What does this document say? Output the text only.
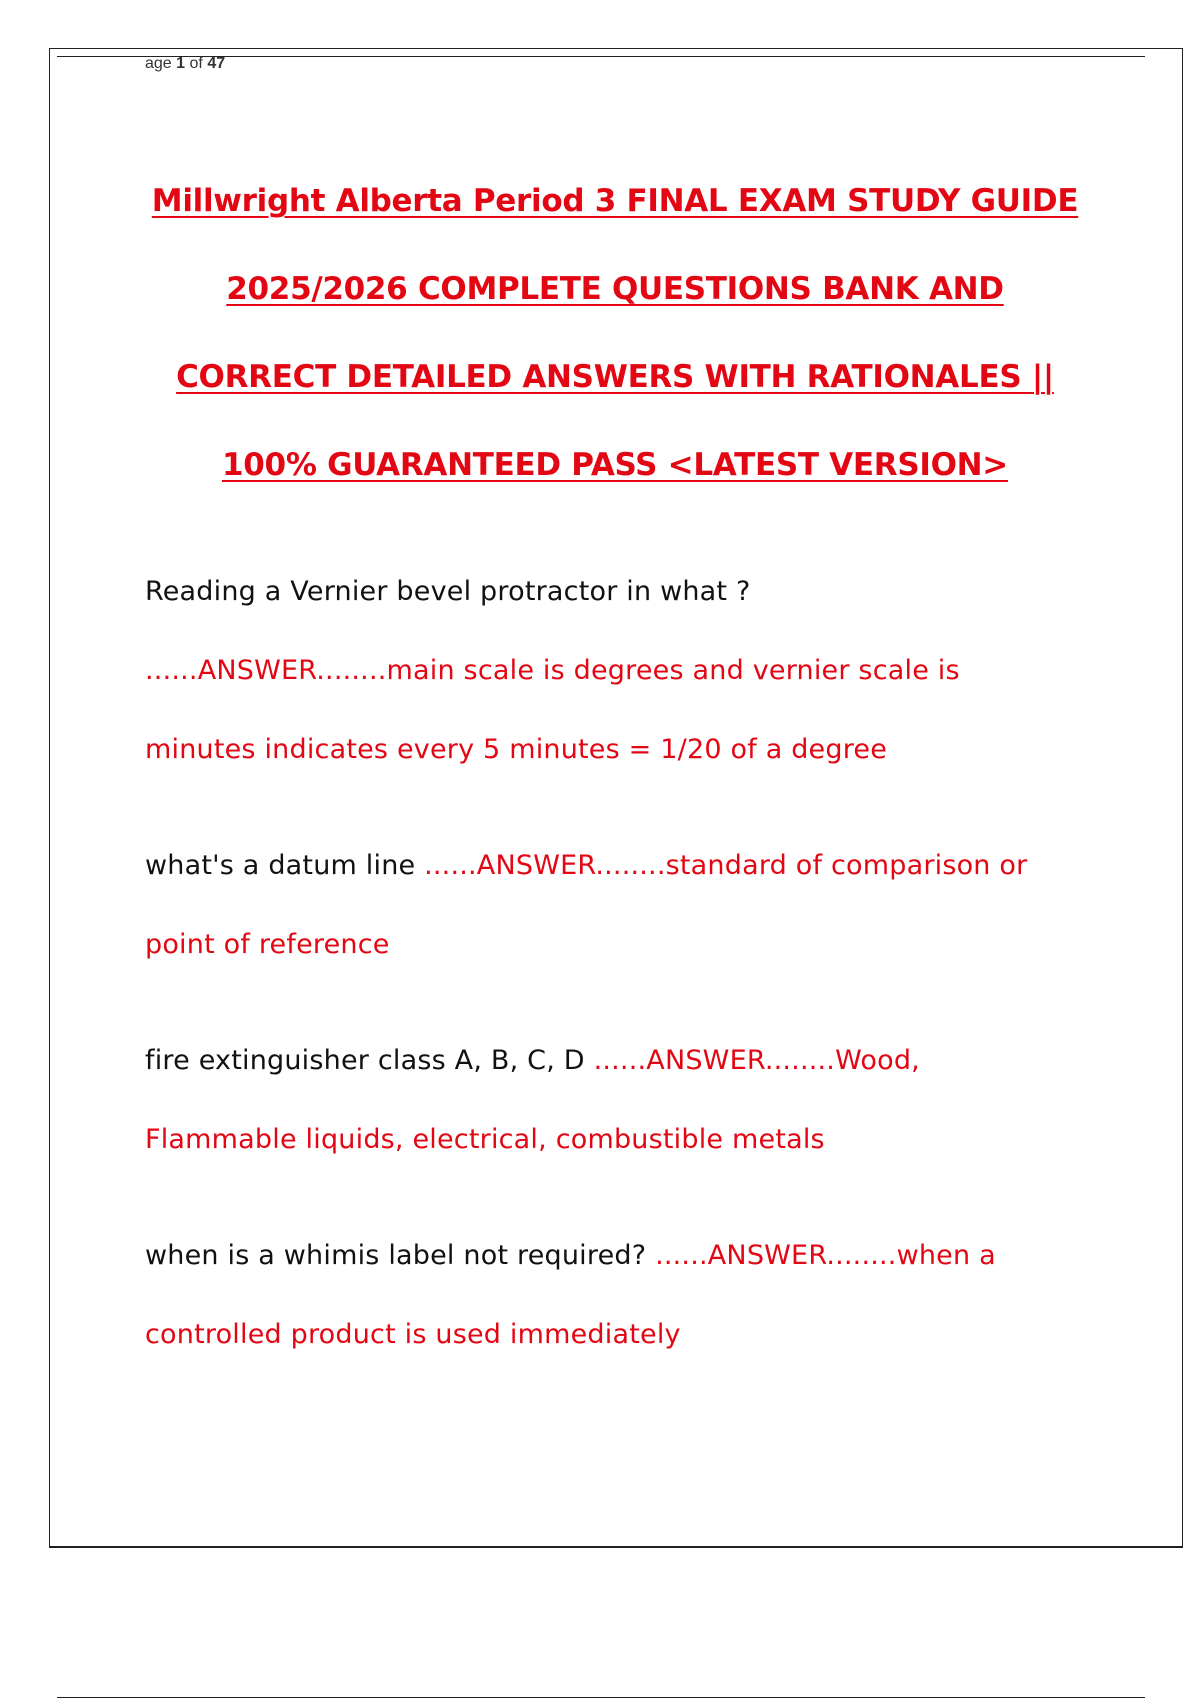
age 1 of 47
Millwright Alberta Period 3 FINAL EXAM STUDY GUIDE
2025/2026 COMPLETE QUESTIONS BANK AND
CORRECT DETAILED ANSWERS WITH RATIONALES ||
100% GUARANTEED PASS <LATEST VERSION>

Reading a Vernier bevel protractor in what ?

......ANSWER........main scale is degrees and vernier scale is

minutes indicates every 5 minutes = 1/20 of a degree

what's a datum line ......ANSWER........standard of comparison or

point of reference

fire extinguisher class A, B, C, D ......ANSWER........Wood,

Flammable liquids, electrical, combustible metals

when is a whimis label not required? ......ANSWER........when a

controlled product is used immediately
